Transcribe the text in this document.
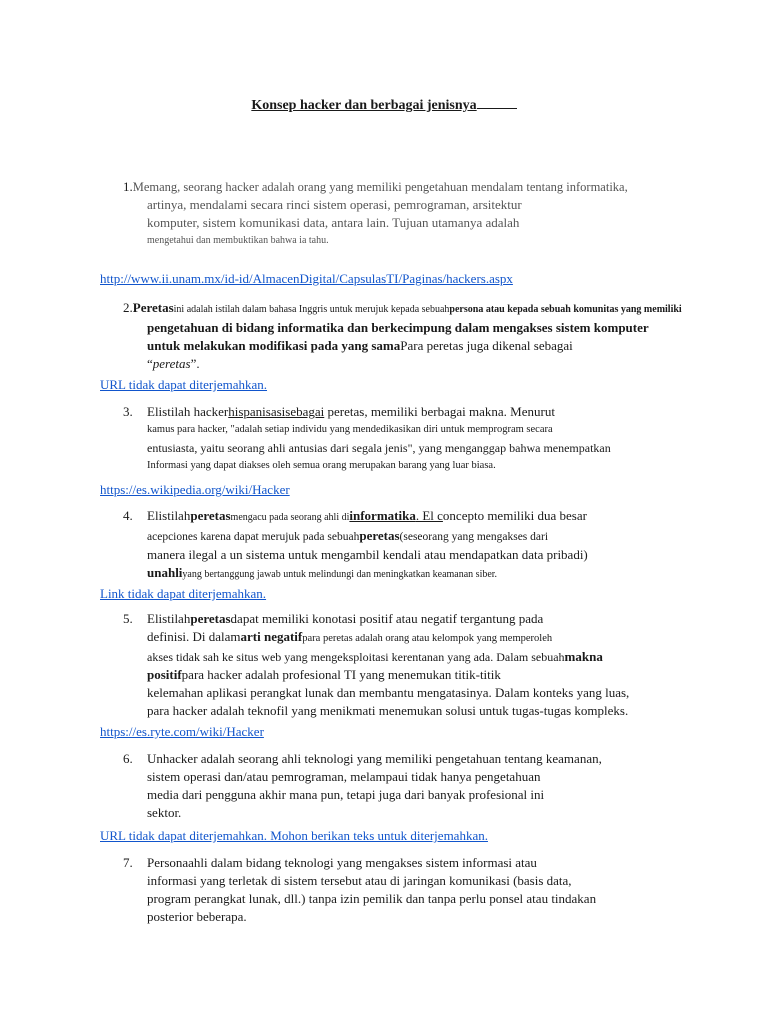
Konsep hacker dan berbagai jenisnya
1.Memang, seorang hacker adalah orang yang memiliki pengetahuan mendalam tentang informatika,
artinya, mendalami secara rinci sistem operasi, pemrograman, arsitektur
komputer, sistem komunikasi data, antara lain. Tujuan utamanya adalah
mengetahui dan membuktikan bahwa ia tahu.
http://www.ii.unam.mx/id-id/AlmacenDigital/CapsulasTI/Paginas/hackers.aspx
2.Peretasini adalah istilah dalam bahasa Inggris untuk merujuk kepada sebuahpersona atau kepada sebuah komunitas yang memiliki
pengetahuan di bidang informatika dan berkecimpung dalam mengakses sistem komputer
untuk melakukan modifikasi pada yang samaPara peretas juga dikenal sebagai
“peretas”.
URL tidak dapat diterjemahkan.
3.	Elistilah hackerhispanisasisebagai peretas, memiliki berbagai makna. Menurut
kamus para hacker, "adalah setiap individu yang mendedikasikan diri untuk memprogram secara
entusiasta, yaitu seorang ahli antusias dari segala jenis", yang menganggap bahwa menempatkan
Informasi yang dapat diakses oleh semua orang merupakan barang yang luar biasa.
https://es.wikipedia.org/wiki/Hacker
4.	Elistilahperetasmengacu pada seorang ahli diinformatika. El concepto memiliki dua besar
acepciones karena dapat merujuk pada sebuahperetas(seseorang yang mengakses dari
manera ilegal a un sistema untuk mengambil kendali atau mendapatkan data pribadi)
unahliyang bertanggung jawab untuk melindungi dan meningkatkan keamanan siber.
Link tidak dapat diterjemahkan.
5.	Elistilahperetasdapat memiliki konotasi positif atau negatif tergantung pada
definisi. Di dalamarti negatifpara peretas adalah orang atau kelompok yang memperoleh
akses tidak sah ke situs web yang mengeksploitasi kerentanan yang ada. Dalam sebuahmakna
positifpara hacker adalah profesional TI yang menemukan titik-titik
kelemahan aplikasi perangkat lunak dan membantu mengatasinya. Dalam konteks yang luas,
para hacker adalah teknofil yang menikmati menemukan solusi untuk tugas-tugas kompleks.
https://es.ryte.com/wiki/Hacker
6.	Unhacker adalah seorang ahli teknologi yang memiliki pengetahuan tentang keamanan,
sistem operasi dan/atau pemrograman, melampaui tidak hanya pengetahuan
media dari pengguna akhir mana pun, tetapi juga dari banyak profesional ini
sektor.
URL tidak dapat diterjemahkan. Mohon berikan teks untuk diterjemahkan.
7.	Personaahli dalam bidang teknologi yang mengakses sistem informasi atau
informasi yang terletak di sistem tersebut atau di jaringan komunikasi (basis data,
program perangkat lunak, dll.) tanpa izin pemilik dan tanpa perlu ponsel atau tindakan
posterior beberapa.
